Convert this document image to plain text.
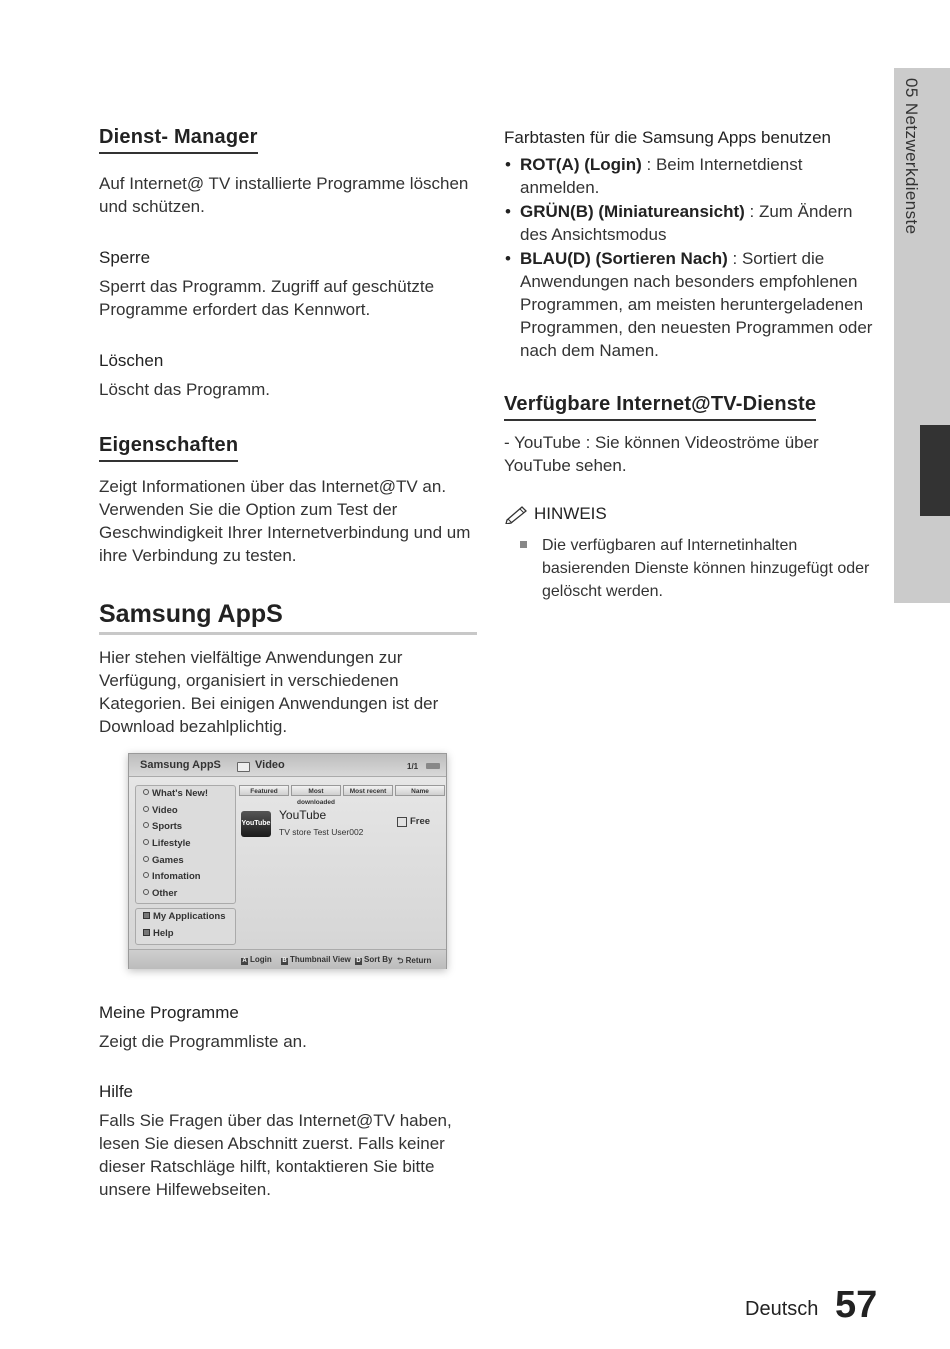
Dienst- Manager

Auf Internet@ TV installierte Programme löschen und schützen.

Sperre

Sperrt das Programm. Zugriff auf geschützte Programme erfordert das Kennwort.

Löschen

Löscht das Programm.

Eigenschaften

Zeigt Informationen über das Internet@TV an. Verwenden Sie die Option zum Test der Geschwindigkeit Ihrer Internetverbindung und um ihre Verbindung zu testen.

Samsung AppS

Hier stehen vielfältige Anwendungen zur Verfügung, organisiert in verschiedenen Kategorien. Bei einigen Anwendungen ist der Download bezahlplichtig.

Samsung AppS	Video	1/1
What's New!
Video
Sports
Lifestyle
Games
Infomation
Other
My Applications
Help
Featured	Most downloaded
Most recent	Name
YouTube
YouTube
TV store Test User002
Free
A Login B Thumbnail View D Sort By ⮌ Return
Meine Programme

Zeigt die Programmliste an.

Hilfe

Falls Sie Fragen über das Internet@TV haben, lesen Sie diesen Abschnitt zuerst. Falls keiner dieser Ratschläge hilft, kontaktieren Sie bitte unsere Hilfewebseiten.

Farbtasten für die Samsung Apps benutzen
• ROT(A) (Login) : Beim Internetdienst anmelden.
• GRÜN(B) (Miniatureansicht) : Zum Ändern des Ansichtsmodus
• BLAU(D) (Sortieren Nach) : Sortiert die Anwendungen nach besonders empfohlenen Programmen, am meisten heruntergeladenen Programmen, den neuesten Programmen oder nach dem Namen.
Verfügbare Internet@TV-Dienste

- YouTube : Sie können Videoströme über YouTube sehen.

HINWEIS
Die verfügbaren auf Internetinhalten basierenden Dienste können hinzugefügt oder gelöscht werden.
05 Netzwerkdienste
Deutsch 57
